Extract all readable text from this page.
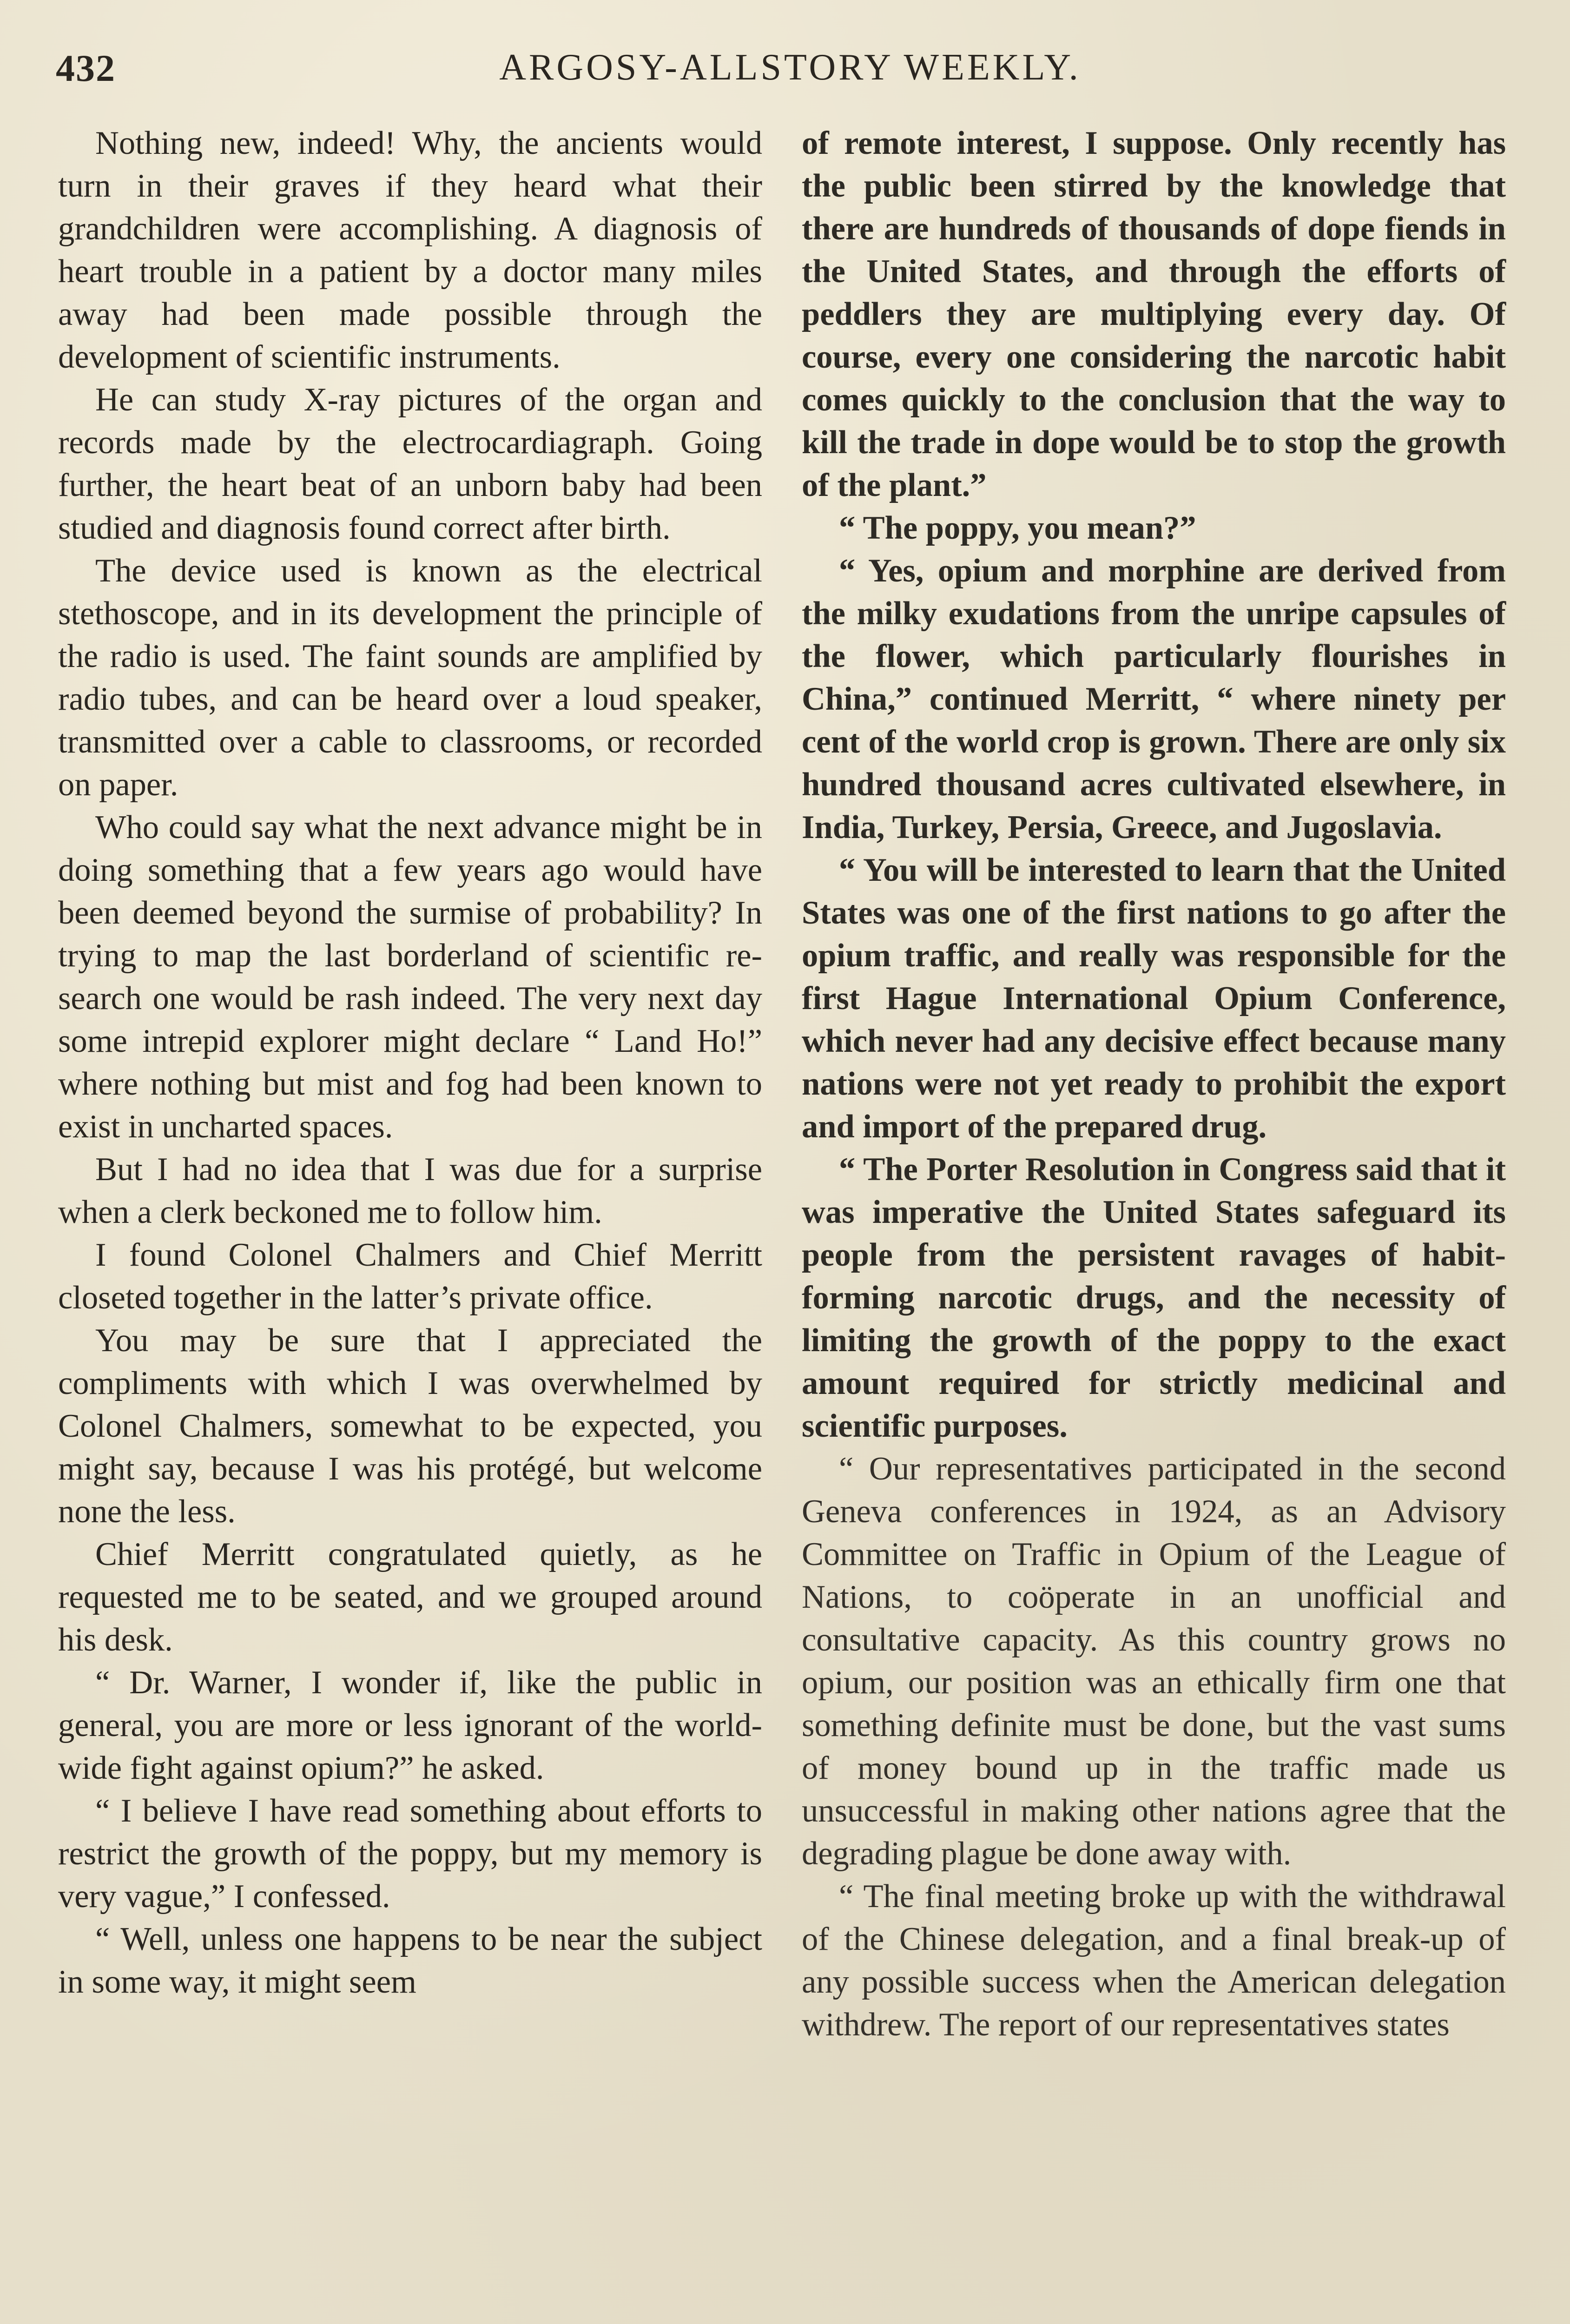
432	ARGOSY-ALLSTORY WEEKLY.

Nothing new, indeed! Why, the ancients would turn in their graves if they heard what their grandchildren were accomplishing. A diagnosis of heart trouble in a patient by a doctor many miles away had been made possible through the development of scientific instruments.

He can study X-ray pictures of the organ and records made by the electrocardiagraph. Going further, the heart beat of an unborn baby had been studied and diagnosis found correct after birth.

The device used is known as the electrical stethoscope, and in its development the principle of the radio is used. The faint sounds are amplified by radio tubes, and can be heard over a loud speaker, transmitted over a cable to classrooms, or recorded on paper.

Who could say what the next advance might be in doing something that a few years ago would have been deemed beyond the surmise of probability? In trying to map the last borderland of scientific research one would be rash indeed. The very next day some intrepid explorer might declare “ Land Ho!” where nothing but mist and fog had been known to exist in uncharted spaces.

But I had no idea that I was due for a surprise when a clerk beckoned me to follow him.

I found Colonel Chalmers and Chief Merritt closeted together in the latter’s private office.

You may be sure that I appreciated the compliments with which I was overwhelmed by Colonel Chalmers, somewhat to be expected, you might say, because I was his protégé, but welcome none the less.

Chief Merritt congratulated quietly, as he requested me to be seated, and we grouped around his desk.

“ Dr. Warner, I wonder if, like the public in general, you are more or less ignorant of the world-wide fight against opium?” he asked.

“ I believe I have read something about efforts to restrict the growth of the poppy, but my memory is very vague,” I confessed.

“ Well, unless one happens to be near the subject in some way, it might seem

of remote interest, I suppose. Only recently has the public been stirred by the knowledge that there are hundreds of thousands of dope fiends in the United States, and through the efforts of peddlers they are multiplying every day. Of course, every one considering the narcotic habit comes quickly to the conclusion that the way to kill the trade in dope would be to stop the growth of the plant.”

“ The poppy, you mean?”

“ Yes, opium and morphine are derived from the milky exudations from the unripe capsules of the flower, which particularly flourishes in China,” continued Merritt, “ where ninety per cent of the world crop is grown. There are only six hundred thousand acres cultivated elsewhere, in India, Turkey, Persia, Greece, and Jugoslavia.

“ You will be interested to learn that the United States was one of the first nations to go after the opium traffic, and really was responsible for the first Hague International Opium Conference, which never had any decisive effect because many nations were not yet ready to prohibit the export and import of the prepared drug.

“ The Porter Resolution in Congress said that it was imperative the United States safeguard its people from the persistent ravages of habit-forming narcotic drugs, and the necessity of limiting the growth of the poppy to the exact amount required for strictly medicinal and scientific purposes.

“ Our representatives participated in the second Geneva conferences in 1924, as an Advisory Committee on Traffic in Opium of the League of Nations, to coöperate in an unofficial and consultative capacity. As this country grows no opium, our position was an ethically firm one that something definite must be done, but the vast sums of money bound up in the traffic made us unsuccessful in making other nations agree that the degrading plague be done away with.

“ The final meeting broke up with the withdrawal of the Chinese delegation, and a final break-up of any possible success when the American delegation withdrew. The report of our representatives states
